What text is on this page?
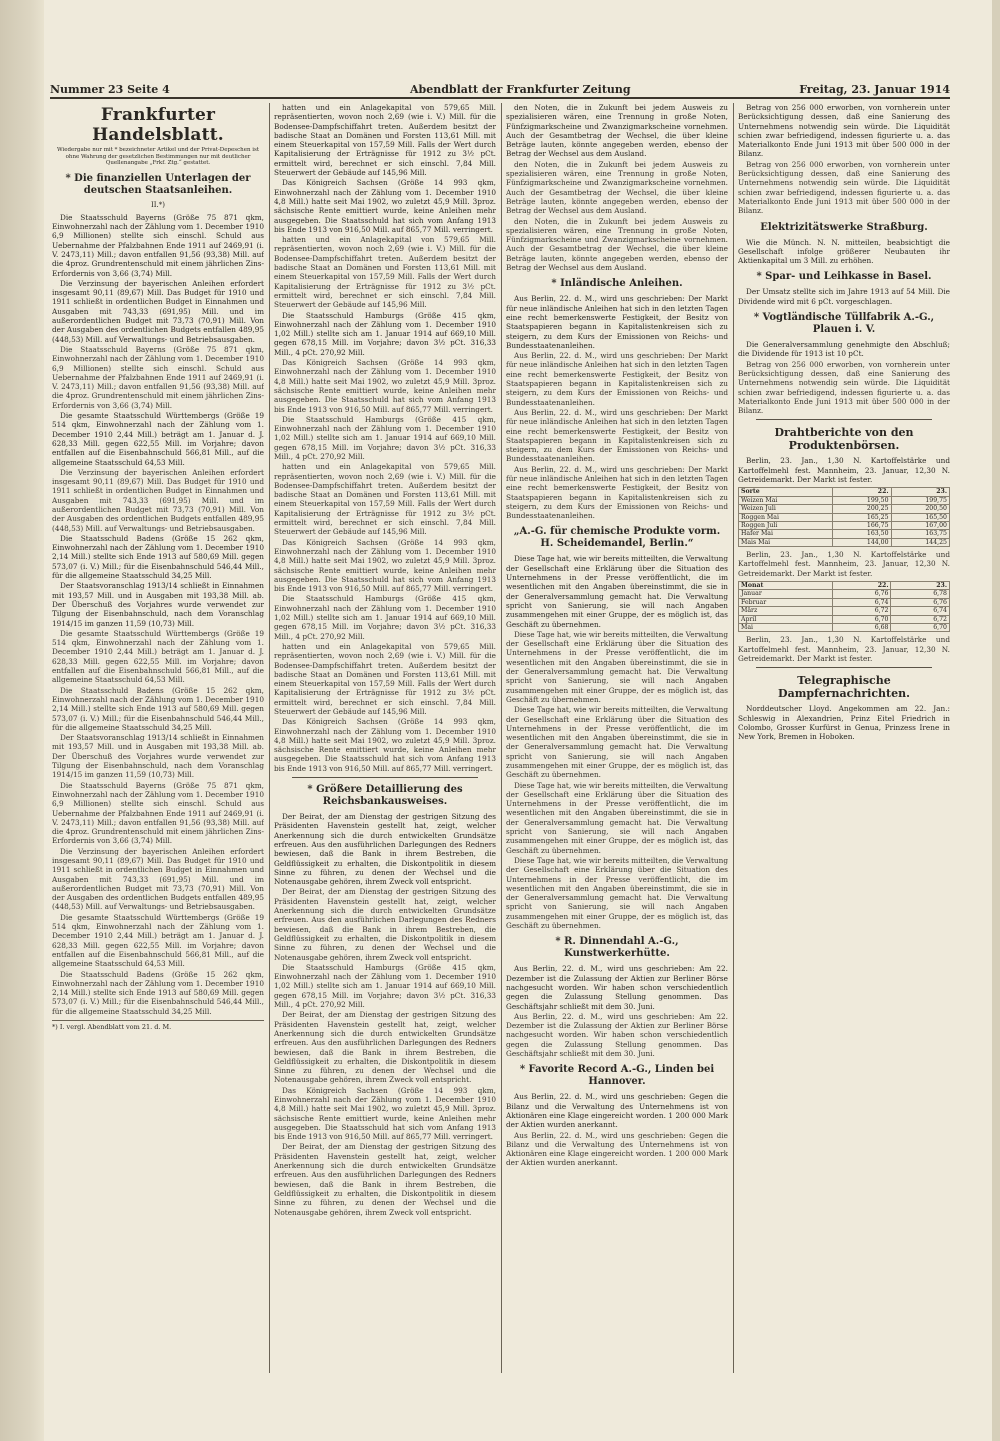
Nummer 23 Seite 4	Abendblatt der Frankfurter Zeitung	Freitag, 23. Januar 1914
Frankfurter Handelsblatt.
Wiedergabe nur mit * bezeichneter Artikel und der Privat-Depeschen ist ohne Wahrung der gesetzlichen Bestimmungen nur mit deutlicher Quellenangabe „Frkf. Ztg.“ gestattet.
* Die finanziellen Unterlagen der deutschen Staatsanleihen.
II.*)

Die Staatsschuld Bayerns (Größe 75 871 qkm, Einwohnerzahl nach der Zählung vom 1. December 1910 6,9 Millionen) stellte sich einschl. Schuld aus Uebernahme der Pfalzbahnen Ende 1911 auf 2469,91 (i. V. 2473,11) Mill.; davon entfallen 91,56 (93,38) Mill. auf die 4proz. Grundrentenschuld mit einem jährlichen Zins-Erfordernis von 3,66 (3,74) Mill.

Die Verzinsung der bayerischen Anleihen erfordert insgesamt 90,11 (89,67) Mill. Das Budget für 1910 und 1911 schließt in ordentlichen Budget in Einnahmen und Ausgaben mit 743,33 (691,95) Mill. und im außerordentlichen Budget mit 73,73 (70,91) Mill. Von der Ausgaben des ordentlichen Budgets entfallen 489,95 (448,53) Mill. auf Verwaltungs- und Betriebsausgaben.

Die Staatsschuld Bayerns (Größe 75 871 qkm, Einwohnerzahl nach der Zählung vom 1. December 1910 6,9 Millionen) stellte sich einschl. Schuld aus Uebernahme der Pfalzbahnen Ende 1911 auf 2469,91 (i. V. 2473,11) Mill.; davon entfallen 91,56 (93,38) Mill. auf die 4proz. Grundrentenschuld mit einem jährlichen Zins-Erfordernis von 3,66 (3,74) Mill.

Die gesamte Staatsschuld Württembergs (Größe 19 514 qkm, Einwohnerzahl nach der Zählung vom 1. December 1910 2,44 Mill.) beträgt am 1. Januar d. J. 628,33 Mill. gegen 622,55 Mill. im Vorjahre; davon entfallen auf die Eisenbahnschuld 566,81 Mill., auf die allgemeine Staatsschuld 64,53 Mill.

Die Verzinsung der bayerischen Anleihen erfordert insgesamt 90,11 (89,67) Mill. Das Budget für 1910 und 1911 schließt in ordentlichen Budget in Einnahmen und Ausgaben mit 743,33 (691,95) Mill. und im außerordentlichen Budget mit 73,73 (70,91) Mill. Von der Ausgaben des ordentlichen Budgets entfallen 489,95 (448,53) Mill. auf Verwaltungs- und Betriebsausgaben.

Die Staatsschuld Badens (Größe 15 262 qkm, Einwohnerzahl nach der Zählung vom 1. December 1910 2,14 Mill.) stellte sich Ende 1913 auf 580,69 Mill. gegen 573,07 (i. V.) Mill.; für die Eisenbahnschuld 546,44 Mill., für die allgemeine Staatsschuld 34,25 Mill.

Der Staatsvoranschlag 1913/14 schließt in Einnahmen mit 193,57 Mill. und in Ausgaben mit 193,38 Mill. ab. Der Überschuß des Vorjahres wurde verwendet zur Tilgung der Eisenbahnschuld, nach dem Voranschlag 1914/15 im ganzen 11,59 (10,73) Mill.

Die gesamte Staatsschuld Württembergs (Größe 19 514 qkm, Einwohnerzahl nach der Zählung vom 1. December 1910 2,44 Mill.) beträgt am 1. Januar d. J. 628,33 Mill. gegen 622,55 Mill. im Vorjahre; davon entfallen auf die Eisenbahnschuld 566,81 Mill., auf die allgemeine Staatsschuld 64,53 Mill.

Die Staatsschuld Badens (Größe 15 262 qkm, Einwohnerzahl nach der Zählung vom 1. December 1910 2,14 Mill.) stellte sich Ende 1913 auf 580,69 Mill. gegen 573,07 (i. V.) Mill.; für die Eisenbahnschuld 546,44 Mill., für die allgemeine Staatsschuld 34,25 Mill.

Der Staatsvoranschlag 1913/14 schließt in Einnahmen mit 193,57 Mill. und in Ausgaben mit 193,38 Mill. ab. Der Überschuß des Vorjahres wurde verwendet zur Tilgung der Eisenbahnschuld, nach dem Voranschlag 1914/15 im ganzen 11,59 (10,73) Mill.

Die Staatsschuld Bayerns (Größe 75 871 qkm, Einwohnerzahl nach der Zählung vom 1. December 1910 6,9 Millionen) stellte sich einschl. Schuld aus Uebernahme der Pfalzbahnen Ende 1911 auf 2469,91 (i. V. 2473,11) Mill.; davon entfallen 91,56 (93,38) Mill. auf die 4proz. Grundrentenschuld mit einem jährlichen Zins-Erfordernis von 3,66 (3,74) Mill.

Die Verzinsung der bayerischen Anleihen erfordert insgesamt 90,11 (89,67) Mill. Das Budget für 1910 und 1911 schließt in ordentlichen Budget in Einnahmen und Ausgaben mit 743,33 (691,95) Mill. und im außerordentlichen Budget mit 73,73 (70,91) Mill. Von der Ausgaben des ordentlichen Budgets entfallen 489,95 (448,53) Mill. auf Verwaltungs- und Betriebsausgaben.

Die gesamte Staatsschuld Württembergs (Größe 19 514 qkm, Einwohnerzahl nach der Zählung vom 1. December 1910 2,44 Mill.) beträgt am 1. Januar d. J. 628,33 Mill. gegen 622,55 Mill. im Vorjahre; davon entfallen auf die Eisenbahnschuld 566,81 Mill., auf die allgemeine Staatsschuld 64,53 Mill.

Die Staatsschuld Badens (Größe 15 262 qkm, Einwohnerzahl nach der Zählung vom 1. December 1910 2,14 Mill.) stellte sich Ende 1913 auf 580,69 Mill. gegen 573,07 (i. V.) Mill.; für die Eisenbahnschuld 546,44 Mill., für die allgemeine Staatsschuld 34,25 Mill.

*) I. vergl. Abendblatt vom 21. d. M.

hatten und ein Anlagekapital von 579,65 Mill. repräsentierten, wovon noch 2,69 (wie i. V.) Mill. für die Bodensee-Dampfschiffahrt treten. Außerdem besitzt der badische Staat an Domänen und Forsten 113,61 Mill. mit einem Steuerkapital von 157,59 Mill. Falls der Wert durch Kapitalisierung der Erträgnisse für 1912 zu 3½ pCt. ermittelt wird, berechnet er sich einschl. 7,84 Mill. Steuerwert der Gebäude auf 145,96 Mill.

Das Königreich Sachsen (Größe 14 993 qkm, Einwohnerzahl nach der Zählung vom 1. December 1910 4,8 Mill.) hatte seit Mai 1902, wo zuletzt 45,9 Mill. 3proz. sächsische Rente emittiert wurde, keine Anleihen mehr ausgegeben. Die Staatsschuld hat sich vom Anfang 1913 bis Ende 1913 von 916,50 Mill. auf 865,77 Mill. verringert.

hatten und ein Anlagekapital von 579,65 Mill. repräsentierten, wovon noch 2,69 (wie i. V.) Mill. für die Bodensee-Dampfschiffahrt treten. Außerdem besitzt der badische Staat an Domänen und Forsten 113,61 Mill. mit einem Steuerkapital von 157,59 Mill. Falls der Wert durch Kapitalisierung der Erträgnisse für 1912 zu 3½ pCt. ermittelt wird, berechnet er sich einschl. 7,84 Mill. Steuerwert der Gebäude auf 145,96 Mill.

Die Staatsschuld Hamburgs (Größe 415 qkm, Einwohnerzahl nach der Zählung vom 1. December 1910 1,02 Mill.) stellte sich am 1. Januar 1914 auf 669,10 Mill. gegen 678,15 Mill. im Vorjahre; davon 3½ pCt. 316,33 Mill., 4 pCt. 270,92 Mill.

Das Königreich Sachsen (Größe 14 993 qkm, Einwohnerzahl nach der Zählung vom 1. December 1910 4,8 Mill.) hatte seit Mai 1902, wo zuletzt 45,9 Mill. 3proz. sächsische Rente emittiert wurde, keine Anleihen mehr ausgegeben. Die Staatsschuld hat sich vom Anfang 1913 bis Ende 1913 von 916,50 Mill. auf 865,77 Mill. verringert.

Die Staatsschuld Hamburgs (Größe 415 qkm, Einwohnerzahl nach der Zählung vom 1. December 1910 1,02 Mill.) stellte sich am 1. Januar 1914 auf 669,10 Mill. gegen 678,15 Mill. im Vorjahre; davon 3½ pCt. 316,33 Mill., 4 pCt. 270,92 Mill.

hatten und ein Anlagekapital von 579,65 Mill. repräsentierten, wovon noch 2,69 (wie i. V.) Mill. für die Bodensee-Dampfschiffahrt treten. Außerdem besitzt der badische Staat an Domänen und Forsten 113,61 Mill. mit einem Steuerkapital von 157,59 Mill. Falls der Wert durch Kapitalisierung der Erträgnisse für 1912 zu 3½ pCt. ermittelt wird, berechnet er sich einschl. 7,84 Mill. Steuerwert der Gebäude auf 145,96 Mill.

Das Königreich Sachsen (Größe 14 993 qkm, Einwohnerzahl nach der Zählung vom 1. December 1910 4,8 Mill.) hatte seit Mai 1902, wo zuletzt 45,9 Mill. 3proz. sächsische Rente emittiert wurde, keine Anleihen mehr ausgegeben. Die Staatsschuld hat sich vom Anfang 1913 bis Ende 1913 von 916,50 Mill. auf 865,77 Mill. verringert.

Die Staatsschuld Hamburgs (Größe 415 qkm, Einwohnerzahl nach der Zählung vom 1. December 1910 1,02 Mill.) stellte sich am 1. Januar 1914 auf 669,10 Mill. gegen 678,15 Mill. im Vorjahre; davon 3½ pCt. 316,33 Mill., 4 pCt. 270,92 Mill.

hatten und ein Anlagekapital von 579,65 Mill. repräsentierten, wovon noch 2,69 (wie i. V.) Mill. für die Bodensee-Dampfschiffahrt treten. Außerdem besitzt der badische Staat an Domänen und Forsten 113,61 Mill. mit einem Steuerkapital von 157,59 Mill. Falls der Wert durch Kapitalisierung der Erträgnisse für 1912 zu 3½ pCt. ermittelt wird, berechnet er sich einschl. 7,84 Mill. Steuerwert der Gebäude auf 145,96 Mill.

Das Königreich Sachsen (Größe 14 993 qkm, Einwohnerzahl nach der Zählung vom 1. December 1910 4,8 Mill.) hatte seit Mai 1902, wo zuletzt 45,9 Mill. 3proz. sächsische Rente emittiert wurde, keine Anleihen mehr ausgegeben. Die Staatsschuld hat sich vom Anfang 1913 bis Ende 1913 von 916,50 Mill. auf 865,77 Mill. verringert.

* Größere Detaillierung des Reichsbankausweises.

Der Beirat, der am Dienstag der gestrigen Sitzung des Präsidenten Havenstein gestellt hat, zeigt, welcher Anerkennung sich die durch entwickelten Grundsätze erfreuen. Aus den ausführlichen Darlegungen des Redners bewiesen, daß die Bank in ihrem Bestreben, die Geldflüssigkeit zu erhalten, die Diskontpolitik in diesem Sinne zu führen, zu denen der Wechsel und die Notenausgabe gehören, ihrem Zweck voll entspricht.

Der Beirat, der am Dienstag der gestrigen Sitzung des Präsidenten Havenstein gestellt hat, zeigt, welcher Anerkennung sich die durch entwickelten Grundsätze erfreuen. Aus den ausführlichen Darlegungen des Redners bewiesen, daß die Bank in ihrem Bestreben, die Geldflüssigkeit zu erhalten, die Diskontpolitik in diesem Sinne zu führen, zu denen der Wechsel und die Notenausgabe gehören, ihrem Zweck voll entspricht.

Die Staatsschuld Hamburgs (Größe 415 qkm, Einwohnerzahl nach der Zählung vom 1. December 1910 1,02 Mill.) stellte sich am 1. Januar 1914 auf 669,10 Mill. gegen 678,15 Mill. im Vorjahre; davon 3½ pCt. 316,33 Mill., 4 pCt. 270,92 Mill.

Der Beirat, der am Dienstag der gestrigen Sitzung des Präsidenten Havenstein gestellt hat, zeigt, welcher Anerkennung sich die durch entwickelten Grundsätze erfreuen. Aus den ausführlichen Darlegungen des Redners bewiesen, daß die Bank in ihrem Bestreben, die Geldflüssigkeit zu erhalten, die Diskontpolitik in diesem Sinne zu führen, zu denen der Wechsel und die Notenausgabe gehören, ihrem Zweck voll entspricht.

Das Königreich Sachsen (Größe 14 993 qkm, Einwohnerzahl nach der Zählung vom 1. December 1910 4,8 Mill.) hatte seit Mai 1902, wo zuletzt 45,9 Mill. 3proz. sächsische Rente emittiert wurde, keine Anleihen mehr ausgegeben. Die Staatsschuld hat sich vom Anfang 1913 bis Ende 1913 von 916,50 Mill. auf 865,77 Mill. verringert.

Der Beirat, der am Dienstag der gestrigen Sitzung des Präsidenten Havenstein gestellt hat, zeigt, welcher Anerkennung sich die durch entwickelten Grundsätze erfreuen. Aus den ausführlichen Darlegungen des Redners bewiesen, daß die Bank in ihrem Bestreben, die Geldflüssigkeit zu erhalten, die Diskontpolitik in diesem Sinne zu führen, zu denen der Wechsel und die Notenausgabe gehören, ihrem Zweck voll entspricht.

den Noten, die in Zukunft bei jedem Ausweis zu spezialisieren wären, eine Trennung in große Noten, Fünfzigmarkscheine und Zwanzigmarkscheine vornehmen. Auch der Gesamtbetrag der Wechsel, die über kleine Beträge lauten, könnte angegeben werden, ebenso der Betrag der Wechsel aus dem Ausland.

den Noten, die in Zukunft bei jedem Ausweis zu spezialisieren wären, eine Trennung in große Noten, Fünfzigmarkscheine und Zwanzigmarkscheine vornehmen. Auch der Gesamtbetrag der Wechsel, die über kleine Beträge lauten, könnte angegeben werden, ebenso der Betrag der Wechsel aus dem Ausland.

den Noten, die in Zukunft bei jedem Ausweis zu spezialisieren wären, eine Trennung in große Noten, Fünfzigmarkscheine und Zwanzigmarkscheine vornehmen. Auch der Gesamtbetrag der Wechsel, die über kleine Beträge lauten, könnte angegeben werden, ebenso der Betrag der Wechsel aus dem Ausland.

* Inländische Anleihen.

Aus Berlin, 22. d. M., wird uns geschrieben: Der Markt für neue inländische Anleihen hat sich in den letzten Tagen eine recht bemerkenswerte Festigkeit, der Besitz von Staatspapieren begann in Kapitalistenkreisen sich zu steigern, zu dem Kurs der Emissionen von Reichs- und Bundesstaatenanleihen.

Aus Berlin, 22. d. M., wird uns geschrieben: Der Markt für neue inländische Anleihen hat sich in den letzten Tagen eine recht bemerkenswerte Festigkeit, der Besitz von Staatspapieren begann in Kapitalistenkreisen sich zu steigern, zu dem Kurs der Emissionen von Reichs- und Bundesstaatenanleihen.

Aus Berlin, 22. d. M., wird uns geschrieben: Der Markt für neue inländische Anleihen hat sich in den letzten Tagen eine recht bemerkenswerte Festigkeit, der Besitz von Staatspapieren begann in Kapitalistenkreisen sich zu steigern, zu dem Kurs der Emissionen von Reichs- und Bundesstaatenanleihen.

Aus Berlin, 22. d. M., wird uns geschrieben: Der Markt für neue inländische Anleihen hat sich in den letzten Tagen eine recht bemerkenswerte Festigkeit, der Besitz von Staatspapieren begann in Kapitalistenkreisen sich zu steigern, zu dem Kurs der Emissionen von Reichs- und Bundesstaatenanleihen.

„A.-G. für chemische Produkte vorm. H. Scheidemandel, Berlin.“

Diese Tage hat, wie wir bereits mitteilten, die Verwaltung der Gesellschaft eine Erklärung über die Situation des Unternehmens in der Presse veröffentlicht, die im wesentlichen mit den Angaben übereinstimmt, die sie in der Generalversammlung gemacht hat. Die Verwaltung spricht von Sanierung, sie will nach Angaben zusammengehen mit einer Gruppe, der es möglich ist, das Geschäft zu übernehmen.

Diese Tage hat, wie wir bereits mitteilten, die Verwaltung der Gesellschaft eine Erklärung über die Situation des Unternehmens in der Presse veröffentlicht, die im wesentlichen mit den Angaben übereinstimmt, die sie in der Generalversammlung gemacht hat. Die Verwaltung spricht von Sanierung, sie will nach Angaben zusammengehen mit einer Gruppe, der es möglich ist, das Geschäft zu übernehmen.

Diese Tage hat, wie wir bereits mitteilten, die Verwaltung der Gesellschaft eine Erklärung über die Situation des Unternehmens in der Presse veröffentlicht, die im wesentlichen mit den Angaben übereinstimmt, die sie in der Generalversammlung gemacht hat. Die Verwaltung spricht von Sanierung, sie will nach Angaben zusammengehen mit einer Gruppe, der es möglich ist, das Geschäft zu übernehmen.

Diese Tage hat, wie wir bereits mitteilten, die Verwaltung der Gesellschaft eine Erklärung über die Situation des Unternehmens in der Presse veröffentlicht, die im wesentlichen mit den Angaben übereinstimmt, die sie in der Generalversammlung gemacht hat. Die Verwaltung spricht von Sanierung, sie will nach Angaben zusammengehen mit einer Gruppe, der es möglich ist, das Geschäft zu übernehmen.

Diese Tage hat, wie wir bereits mitteilten, die Verwaltung der Gesellschaft eine Erklärung über die Situation des Unternehmens in der Presse veröffentlicht, die im wesentlichen mit den Angaben übereinstimmt, die sie in der Generalversammlung gemacht hat. Die Verwaltung spricht von Sanierung, sie will nach Angaben zusammengehen mit einer Gruppe, der es möglich ist, das Geschäft zu übernehmen.

* R. Dinnendahl A.-G., Kunstwerkerhütte.

Aus Berlin, 22. d. M., wird uns geschrieben: Am 22. Dezember ist die Zulassung der Aktien zur Berliner Börse nachgesucht worden. Wir haben schon verschiedentlich gegen die Zulassung Stellung genommen. Das Geschäftsjahr schließt mit dem 30. Juni.

Aus Berlin, 22. d. M., wird uns geschrieben: Am 22. Dezember ist die Zulassung der Aktien zur Berliner Börse nachgesucht worden. Wir haben schon verschiedentlich gegen die Zulassung Stellung genommen. Das Geschäftsjahr schließt mit dem 30. Juni.

* Favorite Record A.-G., Linden bei Hannover.

Aus Berlin, 22. d. M., wird uns geschrieben: Gegen die Bilanz und die Verwaltung des Unternehmens ist von Aktionären eine Klage eingereicht worden. 1 200 000 Mark der Aktien wurden anerkannt.

Aus Berlin, 22. d. M., wird uns geschrieben: Gegen die Bilanz und die Verwaltung des Unternehmens ist von Aktionären eine Klage eingereicht worden. 1 200 000 Mark der Aktien wurden anerkannt.

Betrag von 256 000 erworben, von vornherein unter Berücksichtigung dessen, daß eine Sanierung des Unternehmens notwendig sein würde. Die Liquidität schien zwar befriedigend, indessen figurierte u. a. das Materialkonto Ende Juni 1913 mit über 500 000 in der Bilanz.

Betrag von 256 000 erworben, von vornherein unter Berücksichtigung dessen, daß eine Sanierung des Unternehmens notwendig sein würde. Die Liquidität schien zwar befriedigend, indessen figurierte u. a. das Materialkonto Ende Juni 1913 mit über 500 000 in der Bilanz.

Elektrizitätswerke Straßburg.

Wie die Münch. N. N. mitteilen, beabsichtigt die Gesellschaft infolge größerer Neubauten ihr Aktienkapital um 3 Mill. zu erhöhen.

* Spar- und Leihkasse in Basel.

Der Umsatz stellte sich im Jahre 1913 auf 54 Mill. Die Dividende wird mit 6 pCt. vorgeschlagen.

* Vogtländische Tüllfabrik A.-G., Plauen i. V.

Die Generalversammlung genehmigte den Abschluß; die Dividende für 1913 ist 10 pCt.

Betrag von 256 000 erworben, von vornherein unter Berücksichtigung dessen, daß eine Sanierung des Unternehmens notwendig sein würde. Die Liquidität schien zwar befriedigend, indessen figurierte u. a. das Materialkonto Ende Juni 1913 mit über 500 000 in der Bilanz.

Drahtberichte von den Produktenbörsen.

Berlin, 23. Jan., 1,30 N. Kartoffelstärke und Kartoffelmehl fest. Mannheim, 23. Januar, 12,30 N. Getreidemarkt. Der Markt ist fester.

Sorte	22.	23.
Weizen Mai	199,50	199,75
Weizen Juli	200,25	200,50
Roggen Mai	165,25	165,50
Roggen Juli	166,75	167,00
Hafer Mai	163,50	163,75
Mais Mai	144,00	144,25

Berlin, 23. Jan., 1,30 N. Kartoffelstärke und Kartoffelmehl fest. Mannheim, 23. Januar, 12,30 N. Getreidemarkt. Der Markt ist fester.

Monat	22.	23.
Januar	6,76	6,78
Februar	6,74	6,76
März	6,72	6,74
April	6,70	6,72
Mai	6,68	6,70

Berlin, 23. Jan., 1,30 N. Kartoffelstärke und Kartoffelmehl fest. Mannheim, 23. Januar, 12,30 N. Getreidemarkt. Der Markt ist fester.

Telegraphische Dampfernachrichten.

Norddeutscher Lloyd. Angekommen am 22. Jan.: Schleswig in Alexandrien, Prinz Eitel Friedrich in Colombo, Grosser Kurfürst in Genua, Prinzess Irene in New York, Bremen in Hoboken.
